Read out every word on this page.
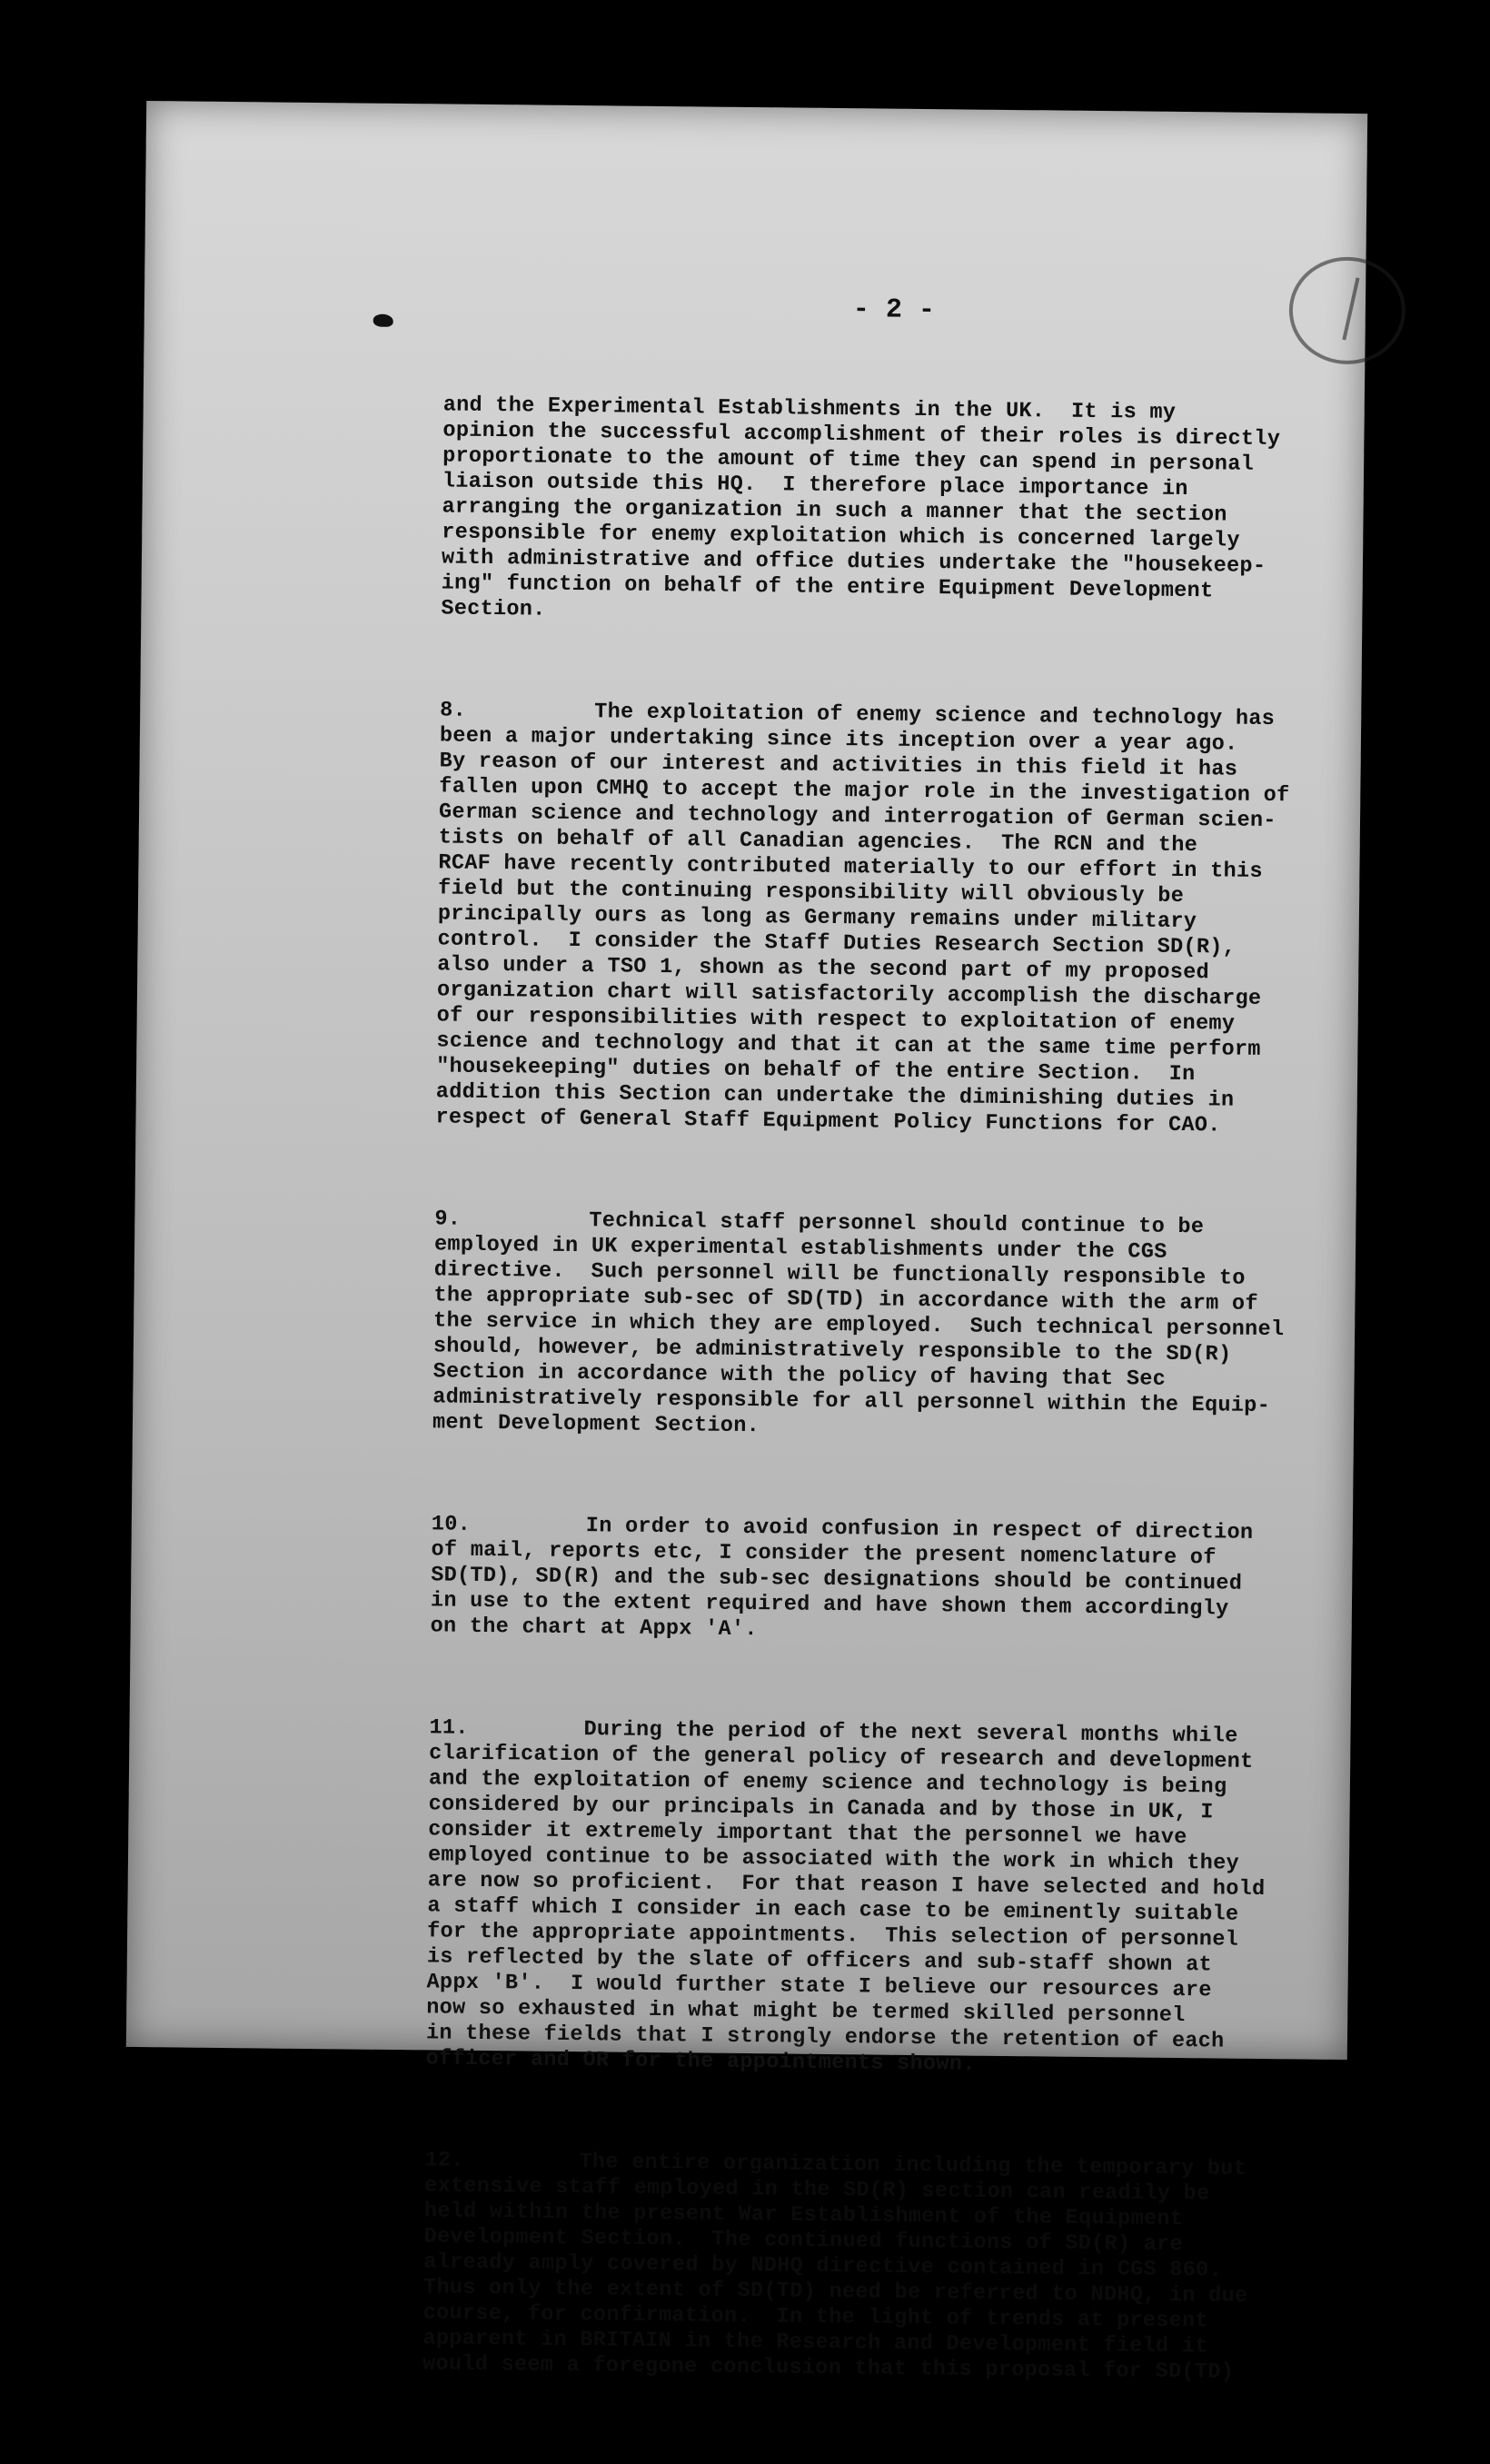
- 2 -

and the Experimental Establishments in the UK.  It is my
opinion the successful accomplishment of their roles is directly
proportionate to the amount of time they can spend in personal
liaison outside this HQ.  I therefore place importance in
arranging the organization in such a manner that the section
responsible for enemy exploitation which is concerned largely
with administrative and office duties undertake the "housekeep-
ing" function on behalf of the entire Equipment Development
Section.

8.	The exploitation of enemy science and technology has
been a major undertaking since its inception over a year ago.
By reason of our interest and activities in this field it has
fallen upon CMHQ to accept the major role in the investigation of
German science and technology and interrogation of German scien-
tists on behalf of all Canadian agencies.  The RCN and the
RCAF have recently contributed materially to our effort in this
field but the continuing responsibility will obviously be
principally ours as long as Germany remains under military
control.  I consider the Staff Duties Research Section SD(R),
also under a TSO 1, shown as the second part of my proposed
organization chart will satisfactorily accomplish the discharge
of our responsibilities with respect to exploitation of enemy
science and technology and that it can at the same time perform
"housekeeping" duties on behalf of the entire Section.  In
addition this Section can undertake the diminishing duties in
respect of General Staff Equipment Policy Functions for CAO.

9.	Technical staff personnel should continue to be
employed in UK experimental establishments under the CGS
directive.  Such personnel will be functionally responsible to
the appropriate sub-sec of SD(TD) in accordance with the arm of
the service in which they are employed.  Such technical personnel
should, however, be administratively responsible to the SD(R)
Section in accordance with the policy of having that Sec
administratively responsible for all personnel within the Equip-
ment Development Section.

10.	In order to avoid confusion in respect of direction
of mail, reports etc, I consider the present nomenclature of
SD(TD), SD(R) and the sub-sec designations should be continued
in use to the extent required and have shown them accordingly
on the chart at Appx 'A'.

11.	During the period of the next several months while
clarification of the general policy of research and development
and the exploitation of enemy science and technology is being
considered by our principals in Canada and by those in UK, I
consider it extremely important that the personnel we have
employed continue to be associated with the work in which they
are now so proficient.  For that reason I have selected and hold
a staff which I consider in each case to be eminently suitable
for the appropriate appointments.  This selection of personnel
is reflected by the slate of officers and sub-staff shown at
Appx 'B'.  I would further state I believe our resources are
now so exhausted in what might be termed skilled personnel
in these fields that I strongly endorse the retention of each
officer and OR for the appointments shown.

12.	The entire organization including the temporary but
extensive staff employed in the SD(R) section can readily be
held within the present War Establishment of the Equipment
Development Section.  The continued functions of SD(R) are
already amply covered by NDHQ directive contained in CGS 860.
Thus only the extent of SD(TD) need be referred to NDHQ, in due
course, for confirmation.  In the light of trends at present
apparent in BRITAIN in the Research and Development field it
would seem a foregone conclusion that this proposal for SD(TD)
